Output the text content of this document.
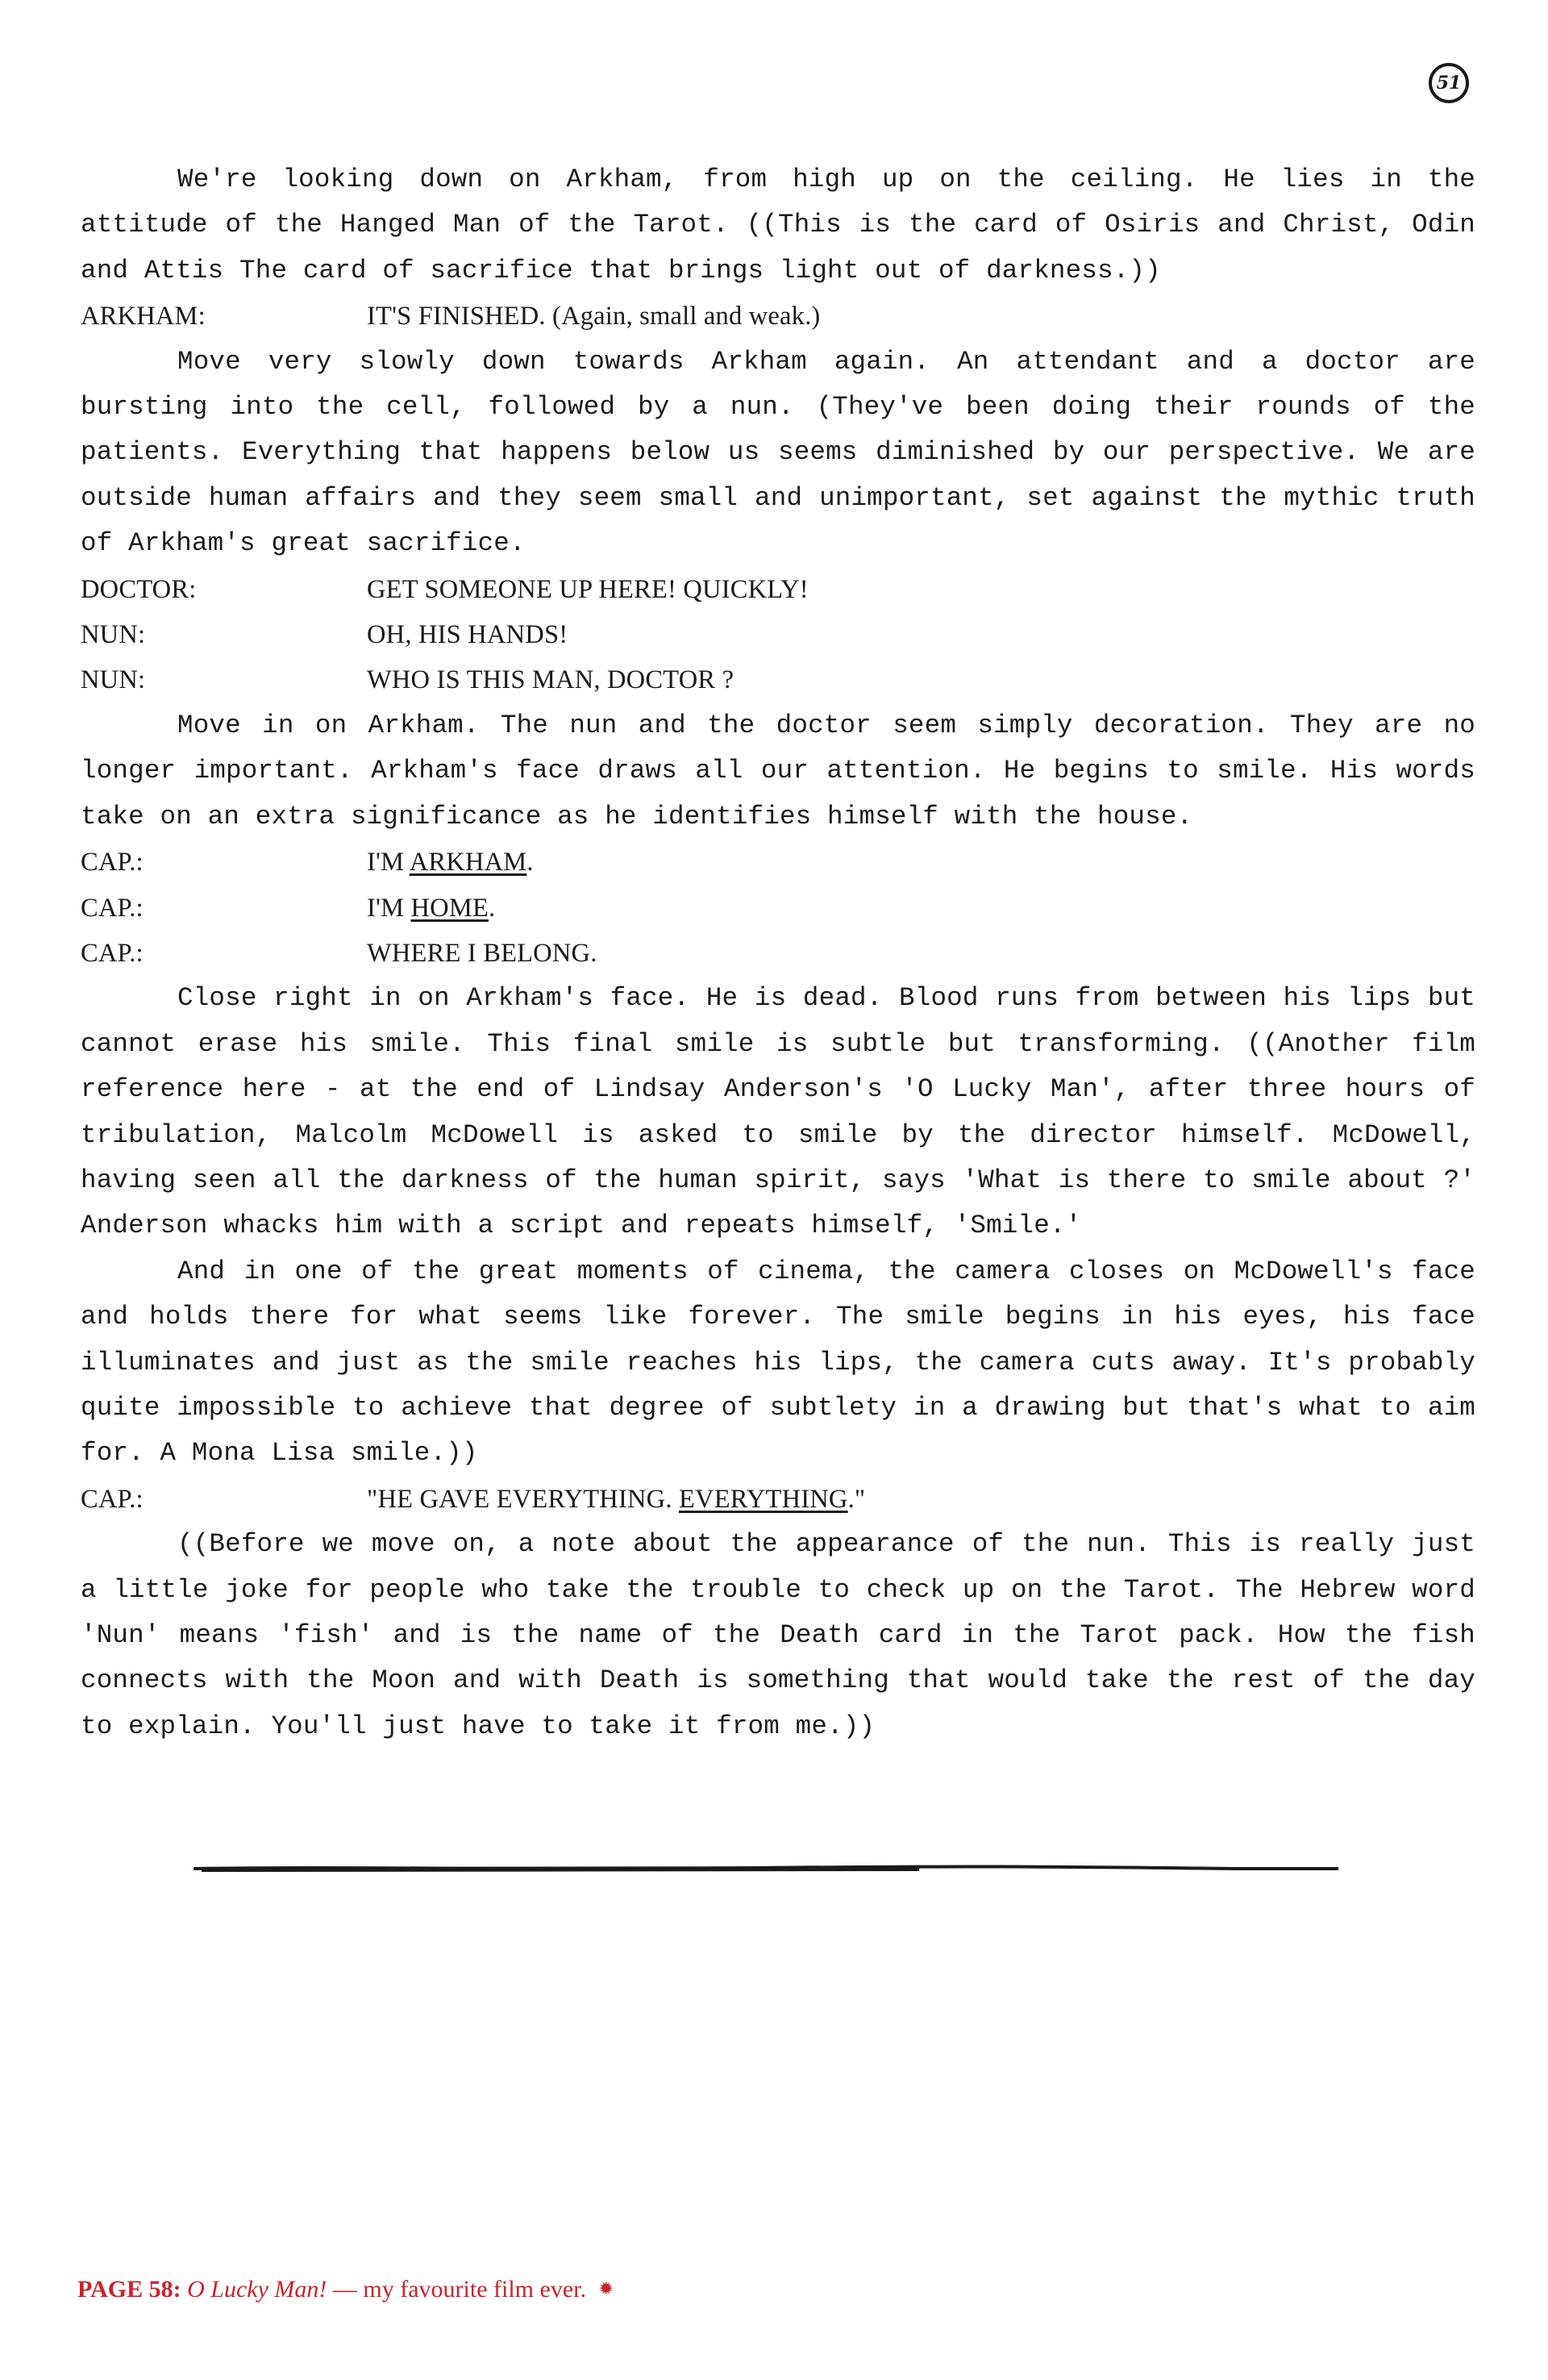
51

We're looking down on Arkham, from high up on the ceiling. He lies in the attitude of the Hanged Man of the Tarot. ((This is the card of Osiris and Christ, Odin and Attis The card of sacrifice that brings light out of darkness.))

ARKHAM:	IT'S FINISHED. (Again, small and weak.)

Move very slowly down towards Arkham again. An attendant and a doctor are bursting into the cell, followed by a nun. (They've been doing their rounds of the patients. Everything that happens below us seems diminished by our perspective. We are outside human affairs and they seem small and unimportant, set against the mythic truth of Arkham's great sacrifice.

DOCTOR:	GET SOMEONE UP HERE! QUICKLY!
NUN:	OH, HIS HANDS!
NUN:	WHO IS THIS MAN, DOCTOR ?

Move in on Arkham. The nun and the doctor seem simply decoration. They are no longer important. Arkham's face draws all our attention. He begins to smile. His words take on an extra significance as he identifies himself with the house.

CAP.:	I'M ARKHAM.
CAP.:	I'M HOME.
CAP.:	WHERE I BELONG.

Close right in on Arkham's face. He is dead. Blood runs from between his lips but cannot erase his smile. This final smile is subtle but transforming. ((Another film reference here - at the end of Lindsay Anderson's 'O Lucky Man', after three hours of tribulation, Malcolm McDowell is asked to smile by the director himself. McDowell, having seen all the darkness of the human spirit, says 'What is there to smile about ?' Anderson whacks him with a script and repeats himself, 'Smile.'

And in one of the great moments of cinema, the camera closes on McDowell's face and holds there for what seems like forever. The smile begins in his eyes, his face illuminates and just as the smile reaches his lips, the camera cuts away. It's probably quite impossible to achieve that degree of subtlety in a drawing but that's what to aim for. A Mona Lisa smile.))

CAP.:	"HE GAVE EVERYTHING. EVERYTHING."

((Before we move on, a note about the appearance of the nun. This is really just a little joke for people who take the trouble to check up on the Tarot. The Hebrew word 'Nun' means 'fish' and is the name of the Death card in the Tarot pack. How the fish connects with the Moon and with Death is something that would take the rest of the day to explain. You'll just have to take it from me.))

PAGE 58: O Lucky Man! — my favourite film ever. ✹
